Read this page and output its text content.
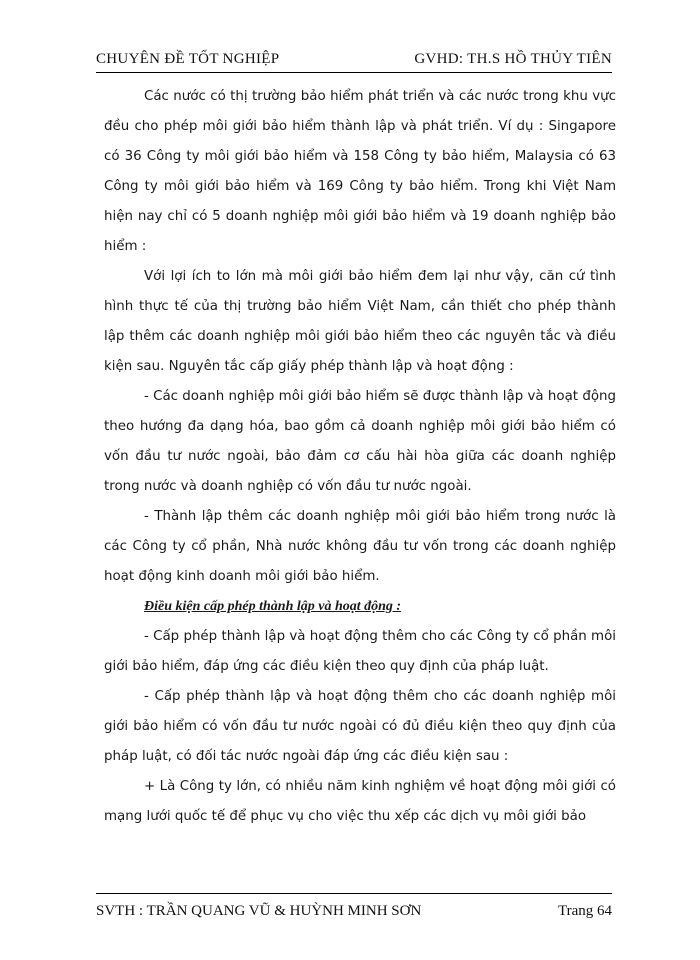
CHUYÊN ĐỀ TỐT NGHIỆP	GVHD: TH.S HỒ THỦY TIÊN

Các nước có thị trường bảo hiểm phát triển và các nước trong khu vực đều cho phép môi giới bảo hiểm thành lập và phát triển. Ví dụ : Singapore có 36 Công ty môi giới bảo hiểm và 158 Công ty bảo hiểm, Malaysia có 63 Công ty môi giới bảo hiểm và 169 Công ty bảo hiểm. Trong khi Việt Nam hiện nay chỉ có 5 doanh nghiệp môi giới bảo hiểm và 19 doanh nghiệp bảo hiểm :

Với lợi ích to lớn mà môi giới bảo hiểm đem lại như vậy, căn cứ tình hình thực tế của thị trường bảo hiểm Việt Nam, cần thiết cho phép thành lập thêm các doanh nghiệp môi giới bảo hiểm theo các nguyên tắc và điều kiện sau. Nguyên tắc cấp giấy phép thành lập và hoạt động :

- Các doanh nghiệp môi giới bảo hiểm sẽ được thành lập và hoạt động theo hướng đa dạng hóa, bao gồm cả doanh nghiệp môi giới bảo hiểm có vốn đầu tư nước ngoài, bảo đảm cơ cấu hài hòa giữa các doanh nghiệp trong nước và doanh nghiệp có vốn đầu tư nước ngoài.

- Thành lập thêm các doanh nghiệp môi giới bảo hiểm trong nước là các Công ty cổ phần, Nhà nước không đầu tư vốn trong các doanh nghiệp hoạt động kinh doanh môi giới bảo hiểm.

Điều kiện cấp phép thành lập và hoạt động :

- Cấp phép thành lập và hoạt động thêm cho các Công ty cổ phần môi giới bảo hiểm, đáp ứng các điều kiện theo quy định của pháp luật.

- Cấp phép thành lập và hoạt động thêm cho các doanh nghiệp môi giới bảo hiểm có vốn đầu tư nước ngoài có đủ điều kiện theo quy định của pháp luật, có đối tác nước ngoài đáp ứng các điều kiện sau :

+ Là Công ty lớn, có nhiều năm kinh nghiệm về hoạt động môi giới có mạng lưới quốc tế để phục vụ cho việc thu xếp các dịch vụ môi giới bảo

SVTH : TRẦN QUANG VŨ & HUỲNH MINH SƠN	Trang 64
